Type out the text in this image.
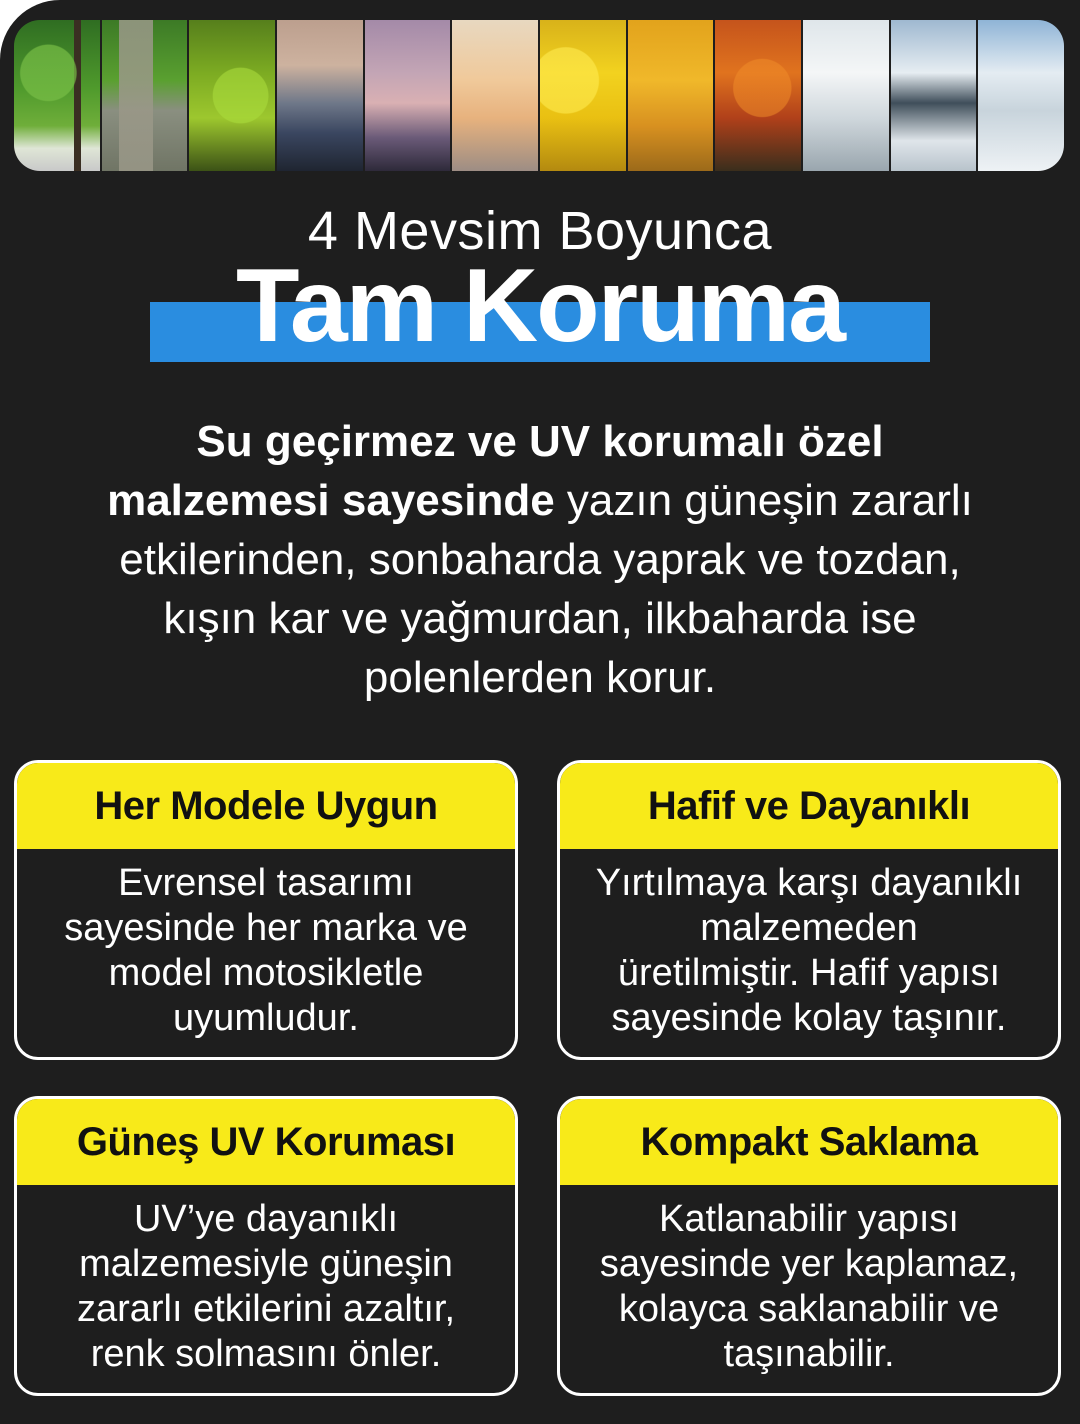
4 Mevsim Boyunca
Tam Koruma
Su geçirmez ve UV korumalı özel
malzemesi sayesinde yazın güneşin zararlı
etkilerinden, sonbaharda yaprak ve tozdan,
kışın kar ve yağmurdan, ilkbaharda ise
polenlerden korur.
Her Modele Uygun
Evrensel tasarımı
sayesinde her marka ve
model motosikletle
uyumludur.
Hafif ve Dayanıklı
Yırtılmaya karşı dayanıklı
malzemeden
üretilmiştir. Hafif yapısı
sayesinde kolay taşınır.
Güneş UV Koruması
UV’ye dayanıklı
malzemesiyle güneşin
zararlı etkilerini azaltır,
renk solmasını önler.
Kompakt Saklama
Katlanabilir yapısı
sayesinde yer kaplamaz,
kolayca saklanabilir ve
taşınabilir.
